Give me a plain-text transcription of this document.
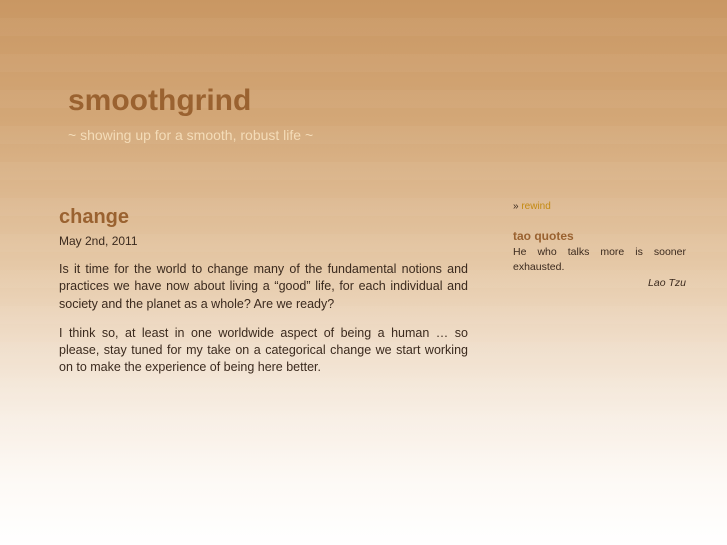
smoothgrind

~ showing up for a smooth, robust life ~

change

May 2nd, 2011

Is it time for the world to change many of the fundamental notions and practices we have now about living a “good” life, for each individual and society and the planet as a whole? Are we ready?

I think so, at least in one worldwide aspect of being a human … so please, stay tuned for my take on a categorical change we start working on to make the experience of being here better.

» rewind
tao quotes

He who talks more is sooner exhausted.

Lao Tzu
